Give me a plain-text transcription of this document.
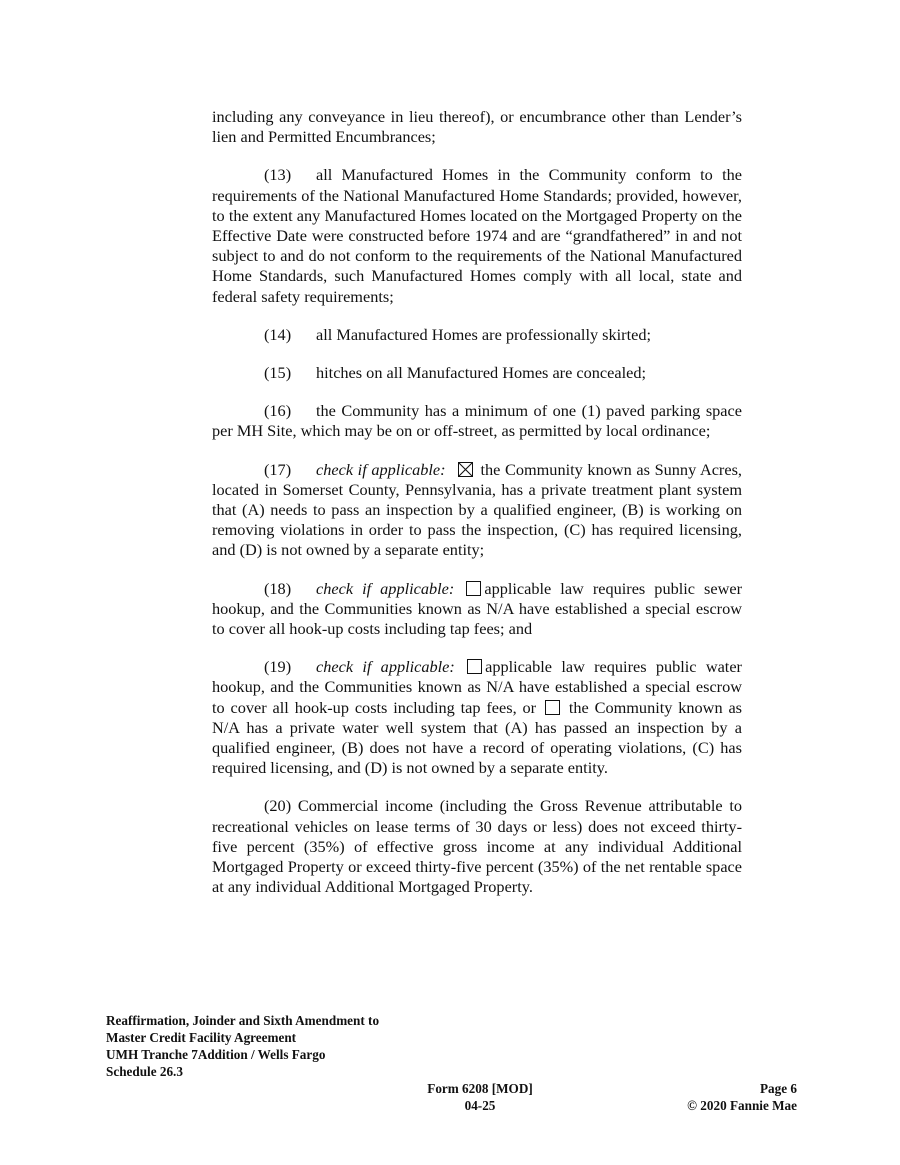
including any conveyance in lieu thereof), or encumbrance other than Lender’s lien and Permitted Encumbrances;

(13) all Manufactured Homes in the Community conform to the requirements of the National Manufactured Home Standards; provided, however, to the extent any Manufactured Homes located on the Mortgaged Property on the Effective Date were constructed before 1974 and are “grandfathered” in and not subject to and do not conform to the requirements of the National Manufactured Home Standards, such Manufactured Homes comply with all local, state and federal safety requirements;

(14) all Manufactured Homes are professionally skirted;

(15) hitches on all Manufactured Homes are concealed;

(16) the Community has a minimum of one (1) paved parking space per MH Site, which may be on or off-street, as permitted by local ordinance;

(17) check if applicable: the Community known as Sunny Acres, located in Somerset County, Pennsylvania, has a private treatment plant system that (A) needs to pass an inspection by a qualified engineer, (B) is working on removing violations in order to pass the inspection, (C) has required licensing, and (D) is not owned by a separate entity;

(18) check if applicable: applicable law requires public sewer hookup, and the Communities known as N/A have established a special escrow to cover all hook-up costs including tap fees; and

(19) check if applicable: applicable law requires public water hookup, and the Communities known as N/A have established a special escrow to cover all hook-up costs including tap fees, or the Community known as N/A has a private water well system that (A) has passed an inspection by a qualified engineer, (B) does not have a record of operating violations, (C) has required licensing, and (D) is not owned by a separate entity.

(20) Commercial income (including the Gross Revenue attributable to recreational vehicles on lease terms of 30 days or less) does not exceed thirty-five percent (35%) of effective gross income at any individual Additional Mortgaged Property or exceed thirty-five percent (35%) of the net rentable space at any individual Additional Mortgaged Property.

Reaffirmation, Joinder and Sixth Amendment to
Master Credit Facility Agreement
UMH Tranche 7Addition / Wells Fargo
Schedule 26.3
Form 6208 [MOD]
04-25
Page 6
© 2020 Fannie Mae
